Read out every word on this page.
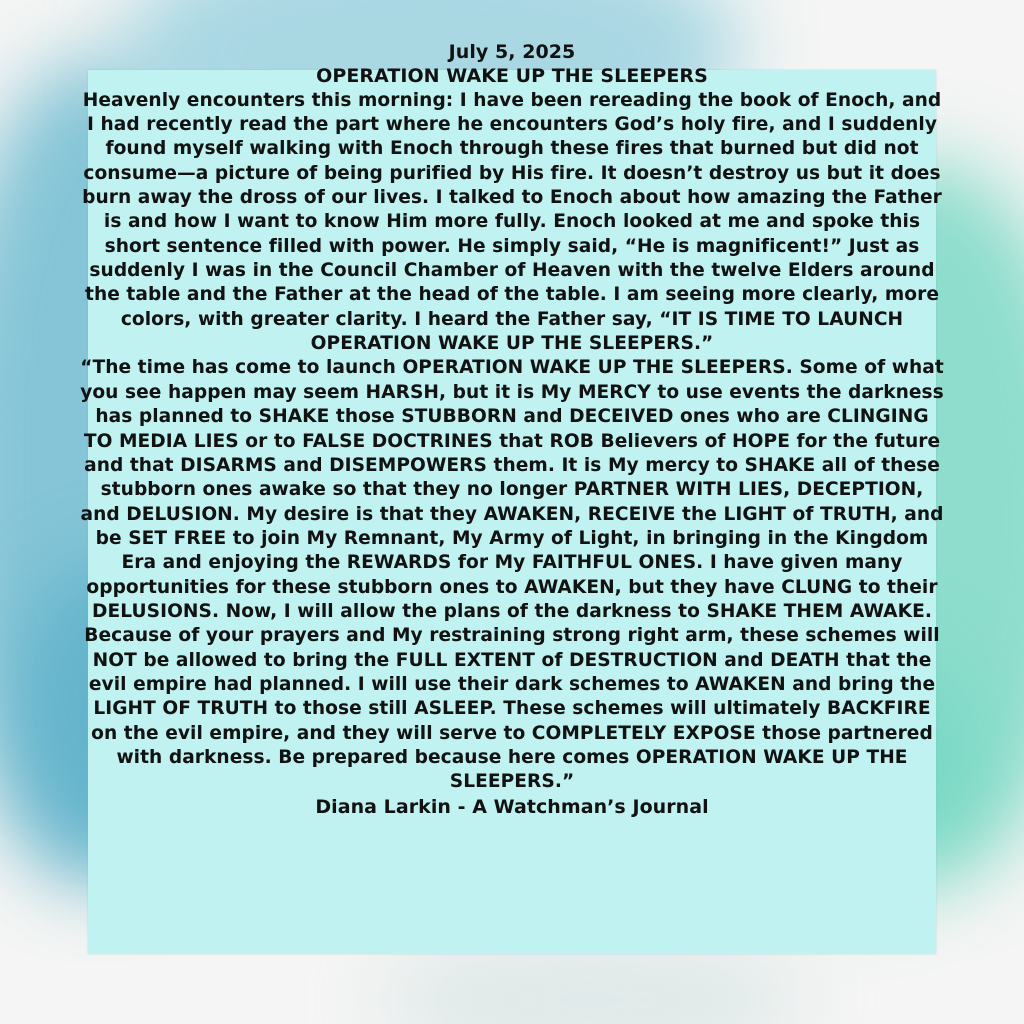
July 5, 2025

OPERATION WAKE UP THE SLEEPERS

Heavenly encounters this morning: I have been rereading the book of Enoch, and I had recently read the part where he encounters God’s holy fire, and I suddenly found myself walking with Enoch through these fires that burned but did not consume—a picture of being purified by His fire. It doesn’t destroy us but it does burn away the dross of our lives. I talked to Enoch about how amazing the Father is and how I want to know Him more fully. Enoch looked at me and spoke this short sentence filled with power. He simply said, “He is magnificent!” Just as suddenly I was in the Council Chamber of Heaven with the twelve Elders around the table and the Father at the head of the table. I am seeing more clearly, more colors, with greater clarity. I heard the Father say, “IT IS TIME TO LAUNCH OPERATION WAKE UP THE SLEEPERS.”

“The time has come to launch OPERATION WAKE UP THE SLEEPERS. Some of what you see happen may seem HARSH, but it is My MERCY to use events the darkness has planned to SHAKE those STUBBORN and DECEIVED ones who are CLINGING TO MEDIA LIES or to FALSE DOCTRINES that ROB Believers of HOPE for the future and that DISARMS and DISEMPOWERS them. It is My mercy to SHAKE all of these stubborn ones awake so that they no longer PARTNER WITH LIES, DECEPTION, and DELUSION. My desire is that they AWAKEN, RECEIVE the LIGHT of TRUTH, and be SET FREE to join My Remnant, My Army of Light, in bringing in the Kingdom Era and enjoying the REWARDS for My FAITHFUL ONES. I have given many opportunities for these stubborn ones to AWAKEN, but they have CLUNG to their DELUSIONS. Now, I will allow the plans of the darkness to SHAKE THEM AWAKE. Because of your prayers and My restraining strong right arm, these schemes will NOT be allowed to bring the FULL EXTENT of DESTRUCTION and DEATH that the evil empire had planned. I will use their dark schemes to AWAKEN and bring the LIGHT OF TRUTH to those still ASLEEP. These schemes will ultimately BACKFIRE on the evil empire, and they will serve to COMPLETELY EXPOSE those partnered with darkness. Be prepared because here comes OPERATION WAKE UP THE SLEEPERS.”

Diana Larkin - A Watchman’s Journal
